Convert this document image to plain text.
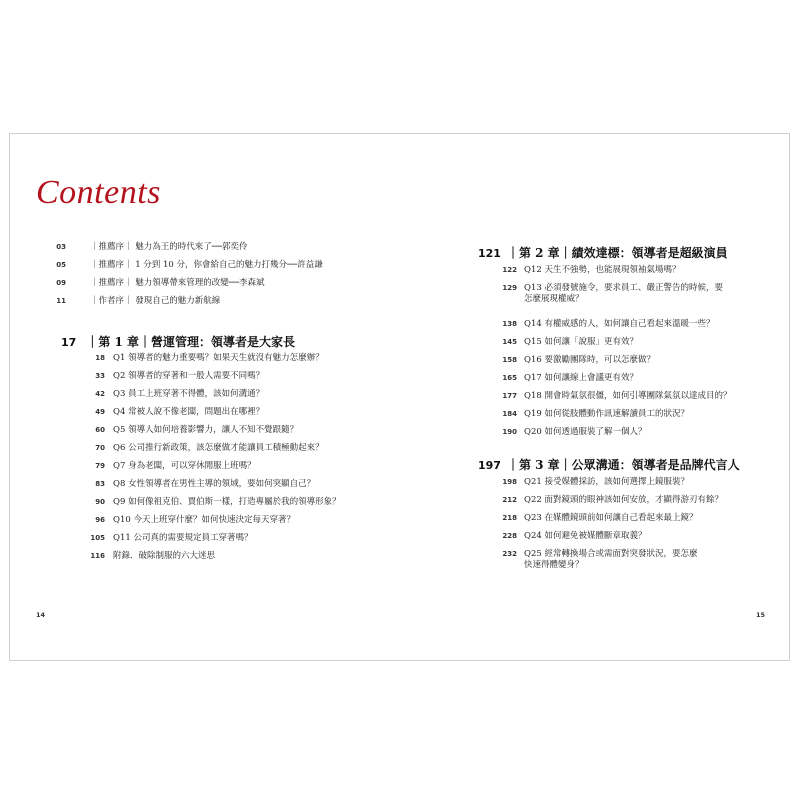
Contents
03	｜推薦序｜ 魅力為王的時代來了──郭奕伶
05	｜推薦序｜ 1 分到 10 分，你會給自己的魅力打幾分──許益謙
09	｜推薦序｜ 魅力領導帶來管理的改變──李森斌
11	｜作者序｜ 發現自己的魅力新航線
17 ｜第 1 章｜營運管理：領導者是大家長
18 Q1 領導者的魅力重要嗎？如果天生就沒有魅力怎麼辦？
33 Q2 領導者的穿著和一般人需要不同嗎？
42 Q3 員工上班穿著不得體，該如何溝通？
49 Q4 常被人說不像老闆，問題出在哪裡？
60 Q5 領導人如何培養影響力，讓人不知不覺跟隨？
70 Q6 公司推行新政策，該怎麼做才能讓員工積極動起來？
79 Q7 身為老闆，可以穿休閒服上班嗎？
83 Q8 女性領導者在男性主導的領域，要如何突顯自己？
90 Q9 如何像祖克伯、賈伯斯一樣，打造專屬於我的領導形象？
96 Q10 今天上班穿什麼？如何快速決定每天穿著？
105 Q11 公司真的需要規定員工穿著嗎？
116 附錄．破除制服的六大迷思
121 ｜第 2 章｜績效達標：領導者是超級演員
122 Q12 天生不強勢，也能展現領袖氣場嗎？
129 Q13 必須發號施令，要求員工、嚴正警告的時候，要怎麼展現權威？
138 Q14 有權威感的人，如何讓自己看起來溫暖一些？
145 Q15 如何讓「說服」更有效？
158 Q16 要激勵團隊時，可以怎麼做？
165 Q17 如何讓線上會議更有效？
177 Q18 開會時氣氛很僵，如何引導團隊氣氛以達成目的？
184 Q19 如何從肢體動作訊速解讀員工的狀況？
190 Q20 如何透過服裝了解一個人？
197 ｜第 3 章｜公眾溝通：領導者是品牌代言人
198 Q21 接受媒體採訪，該如何選擇上鏡服裝？
212 Q22 面對鏡頭的眼神該如何安放，才顯得游刃有餘？
218 Q23 在媒體鏡頭前如何讓自己看起來最上鏡？
228 Q24 如何避免被媒體斷章取義？
232 Q25 經常轉換場合或需面對突發狀況，要怎麼快速得體變身？
14	15
